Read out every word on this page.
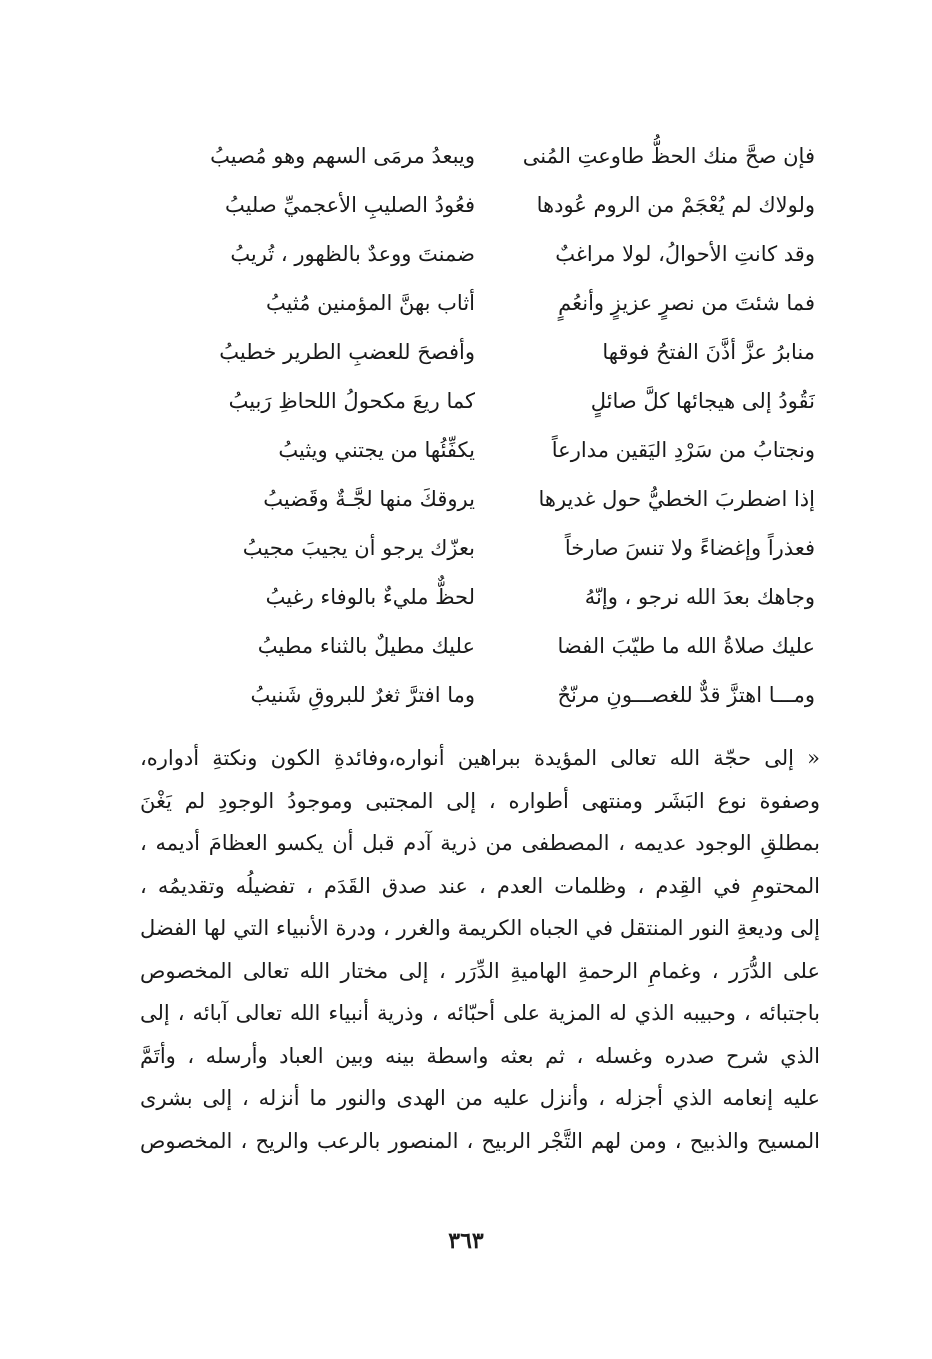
فإن صحَّ منك الحظُّ طاوعتِ المُنى
ويبعدُ مرمَى السهم وهو مُصيبُ
ولولاك لم يُعْجَمْ من الروم عُودها
فعُودُ الصليبِ الأعجميِّ صليبُ
وقد كانتِ الأحوالُ، لولا مراغبٌ
ضمنتَ ووعدٌ بالظهور ، تُريبُ
فما شئتَ من نصرٍ عزيزٍ وأنعُمٍ
أثاب بهنَّ المؤمنين مُثيبُ
منابرُ عزَّ أذَّنَ الفتحُ فوقها
وأفصحَ للعضبِ الطرير خطيبُ
نَقُودُ إلى هيجائها كلَّ صائلٍ
كما ريعَ مكحولُ اللحاظِ رَبيبُ
ونجتابُ من سَرْدِ اليَقين مدارعاً
يكفِّئُها من يجتني ويثيبُ
إذا اضطربَ الخطيُّ حول غديرها
يروقكَ منها لجَّـةٌ وقَضيبُ
فعذراً وإغضاءً ولا تنسَ صارخاً
بعزّك يرجو أن يجيبَ مجيبُ
وجاهك بعدَ الله نرجو ، وإنّهُ
لحظٌّ مليءٌ بالوفاء رغيبُ
عليك صلاةُ الله ما طيّبَ الفضا
عليك مطيلٌ بالثناء مطيبُ
ومـــا اهتزَّ قدٌّ للغصـــونِ مرنّحٌ
وما افترَّ ثغرٌ للبروقِ شَنيبُ
« إلى حجّة الله تعالى المؤيدة ببراهين أنواره،وفائدةِ الكون ونكتةِ أدواره،
وصفوة نوع البَشَر ومنتهى أطواره ، إلى المجتبى وموجودُ الوجودِ لم يَغْنَ
بمطلقِ الوجود عديمه ، المصطفى من ذرية آدم قبل أن يكسو العظامَ أديمه ،
المحتومِ في القِدم ، وظلمات العدم ، عند صدق القَدَم ، تفضيلُه وتقديمُه ،
إلى وديعةِ النور المنتقل في الجباه الكريمة والغرر ، ودرة الأنبياء التي لها الفضل
على الدُّرَر ، وغمامِ الرحمةِ الهاميةِ الدِّرَر ، إلى مختار الله تعالى المخصوص
باجتبائه ، وحبيبه الذي له المزية على أحبّائه ، وذرية أنبياء الله تعالى آبائه ، إلى
الذي شرح صدره وغسله ، ثم بعثه واسطة بينه وبين العباد وأرسله ، وأتَمَّ
عليه إنعامه الذي أجزله ، وأنزل عليه من الهدى والنور ما أنزله ، إلى بشرى
المسيح والذبيح ، ومن لهم التَّجْر الربيح ، المنصور بالرعب والريح ، المخصوص
٣٦٣
